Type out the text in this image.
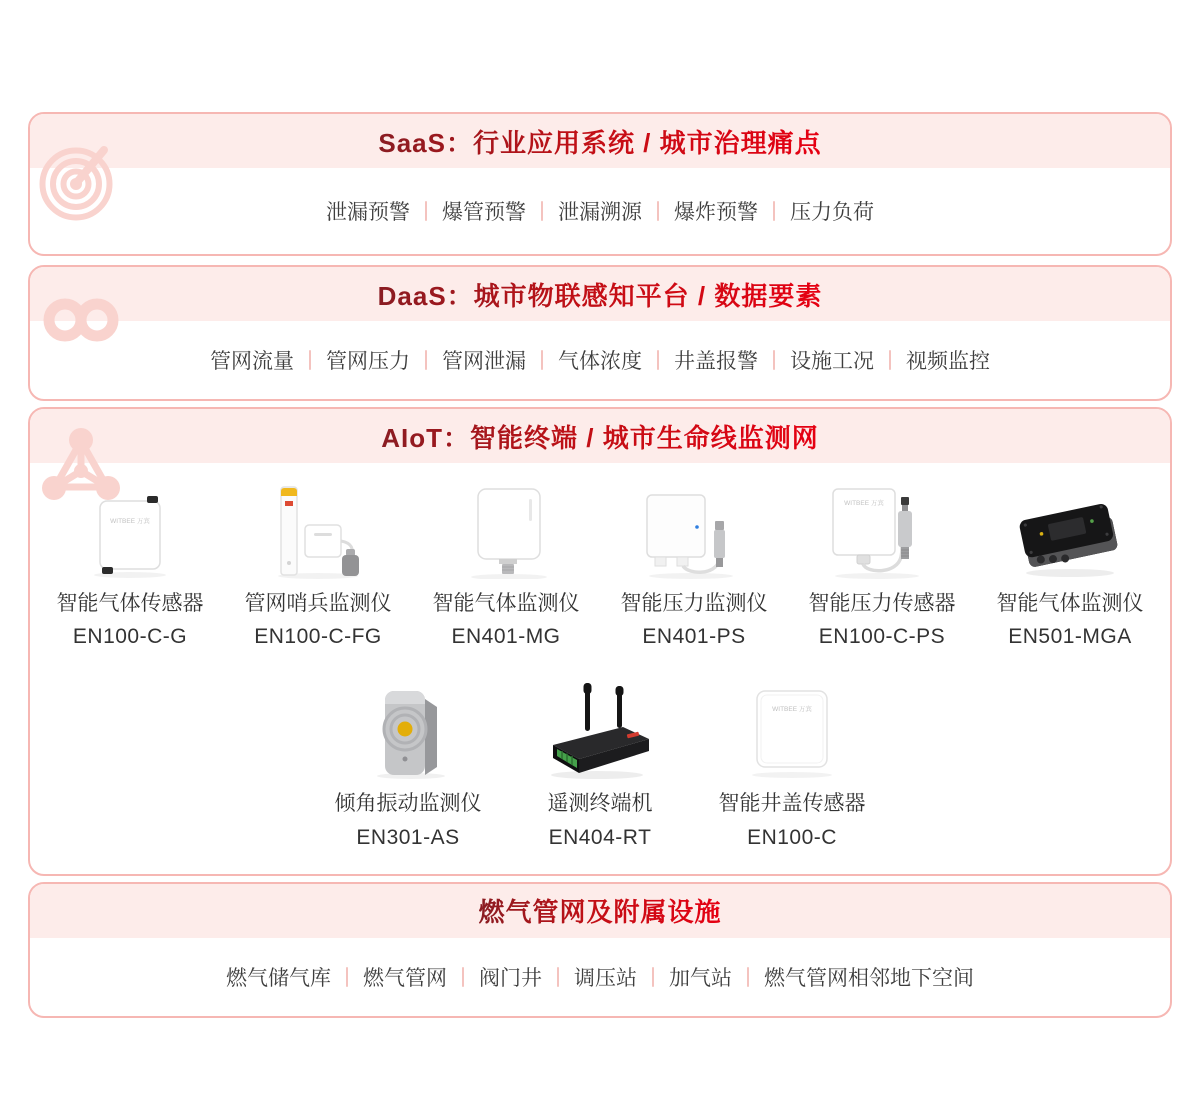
SaaS：行业应用系统 / 城市治理痛点
泄漏预警 爆管预警 泄漏溯源 爆炸预警 压力负荷
DaaS：城市物联感知平台 / 数据要素
管网流量 管网压力 管网泄漏 气体浓度 井盖报警 设施工况 视频监控
AIoT：智能终端 / 城市生命线监测网
WITBEE 万宾
智能气体传感器
EN100-C-G
管网哨兵监测仪
EN100-C-FG
智能气体监测仪
EN401-MG
智能压力监测仪
EN401-PS
WITBEE 万宾
智能压力传感器
EN100-C-PS
智能气体监测仪
EN501-MGA
倾角振动监测仪
EN301-AS
遥测终端机
EN404-RT
WITBEE 万宾
智能井盖传感器
EN100-C
燃气管网及附属设施
燃气储气库 燃气管网 阀门井 调压站 加气站 燃气管网相邻地下空间
